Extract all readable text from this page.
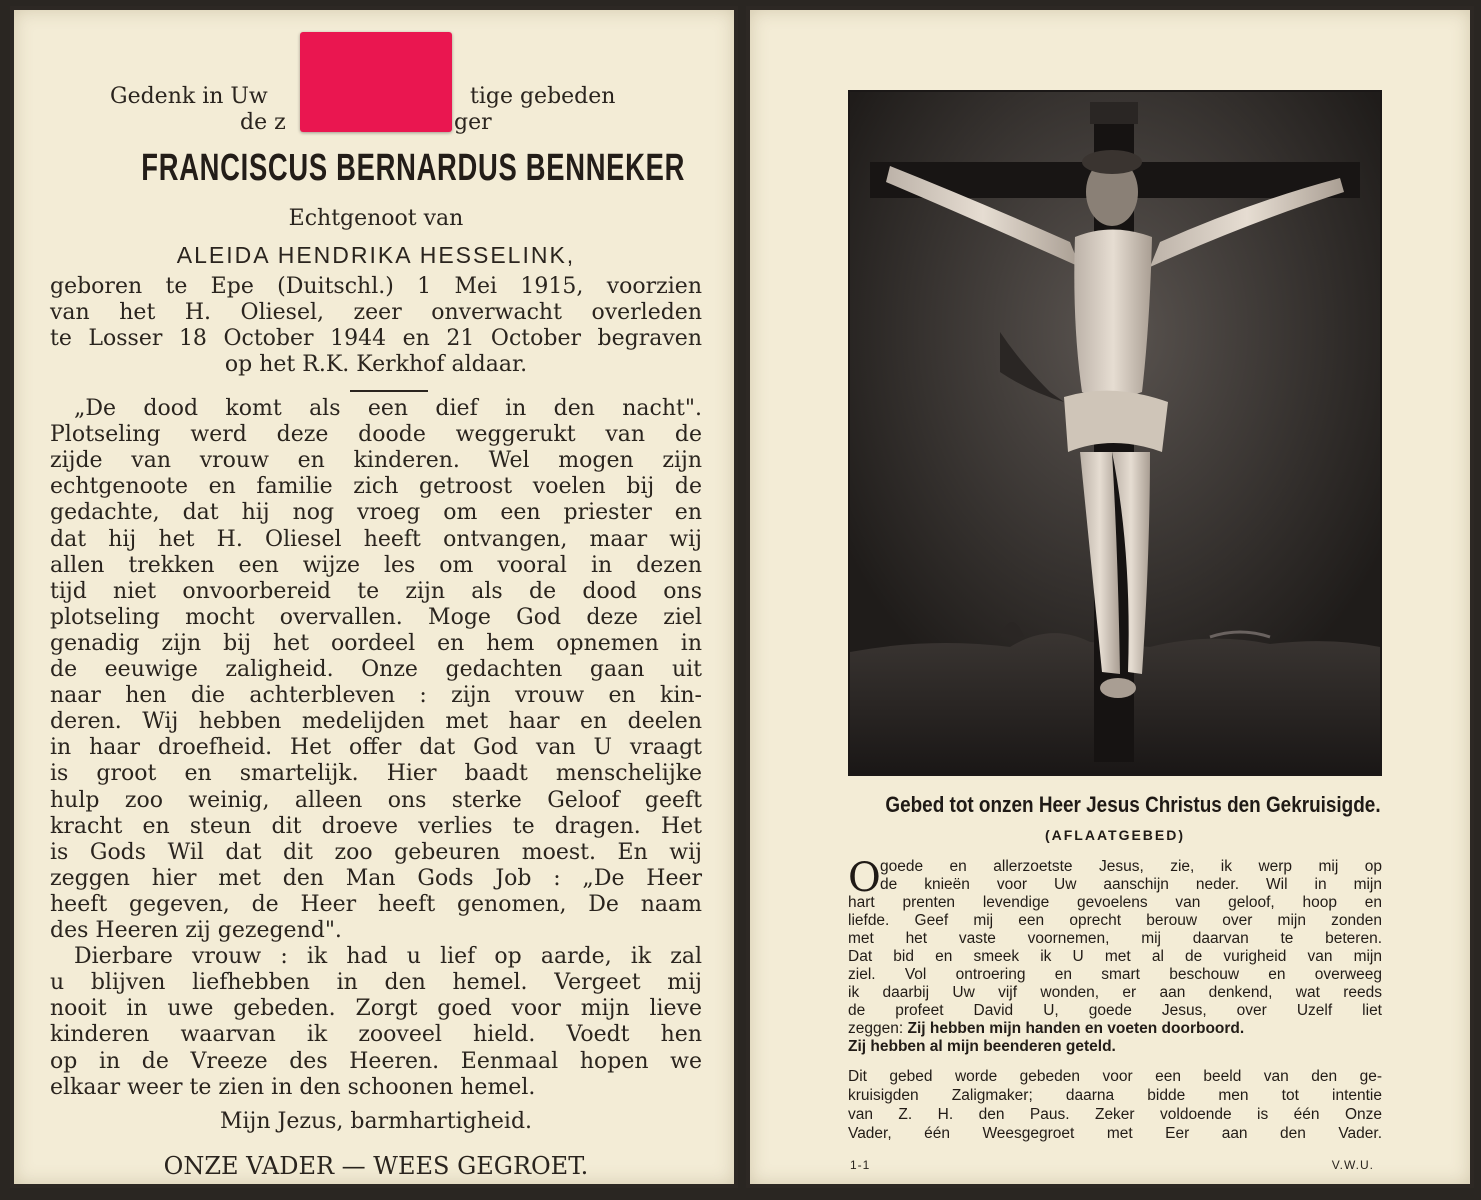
Gedenk in Uw	tige gebeden
de z	ger
FRANCISCUS BERNARDUS BENNEKER
Echtgenoot van
ALEIDA HENDRIKA HESSELINK,
geboren te Epe (Duitschl.) 1 Mei 1915, voorzien
van het H. Oliesel, zeer onverwacht overleden
te Losser 18 October 1944 en 21 October begraven
op het R.K. Kerkhof aldaar.
„De dood komt als een dief in den nacht".
Plotseling werd deze doode weggerukt van de
zijde van vrouw en kinderen. Wel mogen zijn
echtgenoote en familie zich getroost voelen bij de
gedachte, dat hij nog vroeg om een priester en
dat hij het H. Oliesel heeft ontvangen, maar wij
allen trekken een wijze les om vooral in dezen
tijd niet onvoorbereid te zijn als de dood ons
plotseling mocht overvallen. Moge God deze ziel
genadig zijn bij het oordeel en hem opnemen in
de eeuwige zaligheid. Onze gedachten gaan uit
naar hen die achterbleven : zijn vrouw en kin-
deren. Wij hebben medelijden met haar en deelen
in haar droefheid. Het offer dat God van U vraagt
is groot en smartelijk. Hier baadt menschelijke
hulp zoo weinig, alleen ons sterke Geloof geeft
kracht en steun dit droeve verlies te dragen. Het
is Gods Wil dat dit zoo gebeuren moest. En wij
zeggen hier met den Man Gods Job : „De Heer
heeft gegeven, de Heer heeft genomen, De naam
des Heeren zij gezegend".
Dierbare vrouw : ik had u lief op aarde, ik zal
u blijven liefhebben in den hemel. Vergeet mij
nooit in uwe gebeden. Zorgt goed voor mijn lieve
kinderen waarvan ik zooveel hield. Voedt hen
op in de Vreeze des Heeren. Eenmaal hopen we
elkaar weer te zien in den schoonen hemel.
Mijn Jezus, barmhartigheid.
ONZE VADER — WEES GEGROET.
Gebed tot onzen Heer Jesus Christus den Gekruisigde.
(AFLAATGEBED)
O goede en allerzoetste Jesus, zie, ik werp mij op
de knieën voor Uw aanschijn neder. Wil in mijn
hart prenten levendige gevoelens van geloof, hoop en
liefde. Geef mij een oprecht berouw over mijn zonden
met het vaste voornemen, mij daarvan te beteren.
Dat bid en smeek ik U met al de vurigheid van mijn
ziel. Vol ontroering en smart beschouw en overweeg
ik daarbij Uw vijf wonden, er aan denkend, wat reeds
de profeet David U, goede Jesus, over Uzelf liet
zeggen: Zij hebben mijn handen en voeten doorboord.
Zij hebben al mijn beenderen geteld.
Dit gebed worde gebeden voor een beeld van den ge-
kruisigden Zaligmaker; daarna bidde men tot intentie
van Z. H. den Paus. Zeker voldoende is één Onze
Vader, één Weesgegroet met Eer aan den Vader.
1-1	V.W.U.
